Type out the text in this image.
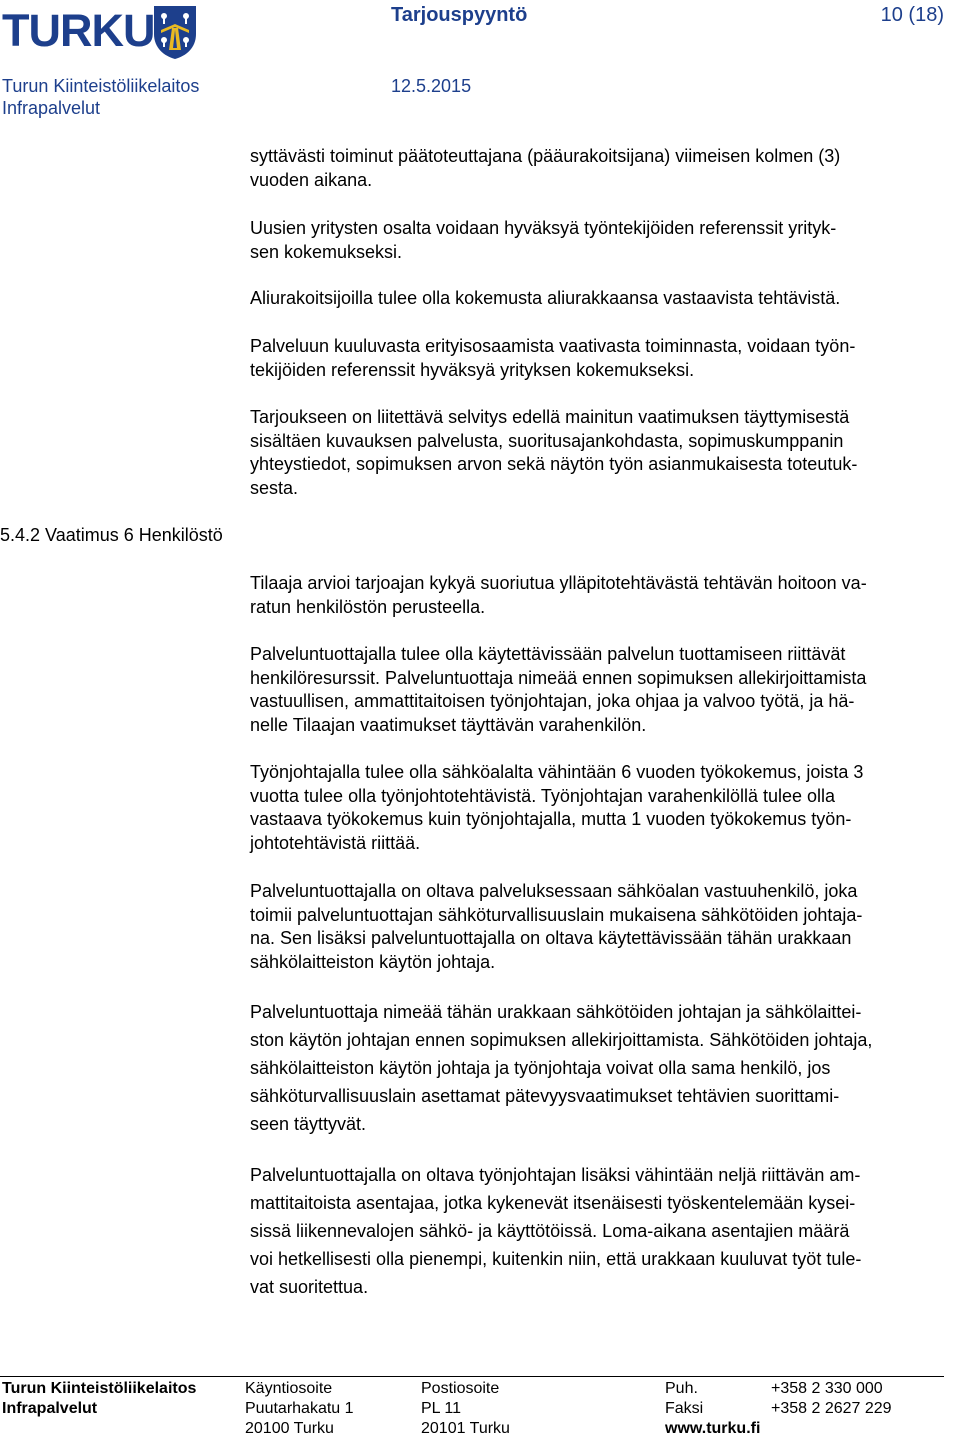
TURKU	Tarjouspyyntö	10 (18)
Turun Kiinteistöliikelaitos
Infrapalvelut
12.5.2015
syttävästi toiminut päätoteuttajana (pääurakoitsijana) viimeisen kolmen (3)
vuoden aikana.
Uusien yritysten osalta voidaan hyväksyä työntekijöiden referenssit yrityk-
sen kokemukseksi.
Aliurakoitsijoilla tulee olla kokemusta aliurakkaansa vastaavista tehtävistä.
Palveluun kuuluvasta erityisosaamista vaativasta toiminnasta, voidaan työn-
tekijöiden referenssit hyväksyä yrityksen kokemukseksi.
Tarjoukseen on liitettävä selvitys edellä mainitun vaatimuksen täyttymisestä
sisältäen kuvauksen palvelusta, suoritusajankohdasta, sopimuskumppanin
yhteystiedot, sopimuksen arvon sekä näytön työn asianmukaisesta toteutuk-
sesta.
5.4.2 Vaatimus 6 Henkilöstö
Tilaaja arvioi tarjoajan kykyä suoriutua ylläpitotehtävästä tehtävän hoitoon va-
ratun henkilöstön perusteella.
Palveluntuottajalla tulee olla käytettävissään palvelun tuottamiseen riittävät
henkilöresurssit. Palveluntuottaja nimeää ennen sopimuksen allekirjoittamista
vastuullisen, ammattitaitoisen työnjohtajan, joka ohjaa ja valvoo työtä, ja hä-
nelle Tilaajan vaatimukset täyttävän varahenkilön.
Työnjohtajalla tulee olla sähköalalta vähintään 6 vuoden työkokemus, joista 3
vuotta tulee olla työnjohtotehtävistä. Työnjohtajan varahenkilöllä tulee olla
vastaava työkokemus kuin työnjohtajalla, mutta 1 vuoden työkokemus työn-
johtotehtävistä riittää.
Palveluntuottajalla on oltava palveluksessaan sähköalan vastuuhenkilö, joka
toimii palveluntuottajan sähköturvallisuuslain mukaisena sähkötöiden johtaja-
na. Sen lisäksi palveluntuottajalla on oltava käytettävissään tähän urakkaan
sähkölaitteiston käytön johtaja.
Palveluntuottaja nimeää tähän urakkaan sähkötöiden johtajan ja sähkölaittei-
ston käytön johtajan ennen sopimuksen allekirjoittamista. Sähkötöiden johtaja,
sähkölaitteiston käytön johtaja ja työnjohtaja voivat olla sama henkilö, jos
sähköturvallisuuslain asettamat pätevyysvaatimukset tehtävien suorittami-
seen täyttyvät.
Palveluntuottajalla on oltava työnjohtajan lisäksi vähintään neljä riittävän am-
mattitaitoista asentajaa, jotka kykenevät itsenäisesti työskentelemään kysei-
sissä liikennevalojen sähkö- ja käyttötöissä. Loma-aikana asentajien määrä
voi hetkellisesti olla pienempi, kuitenkin niin, että urakkaan kuuluvat työt tule-
vat suoritettua.
Turun Kiinteistöliikelaitos
Infrapalvelut
Käyntiosoite
Puutarhakatu 1
20100 Turku
Postiosoite
PL 11
20101 Turku
Puh.
Faksi
www.turku.fi
+358 2 330 000
+358 2 2627 229
